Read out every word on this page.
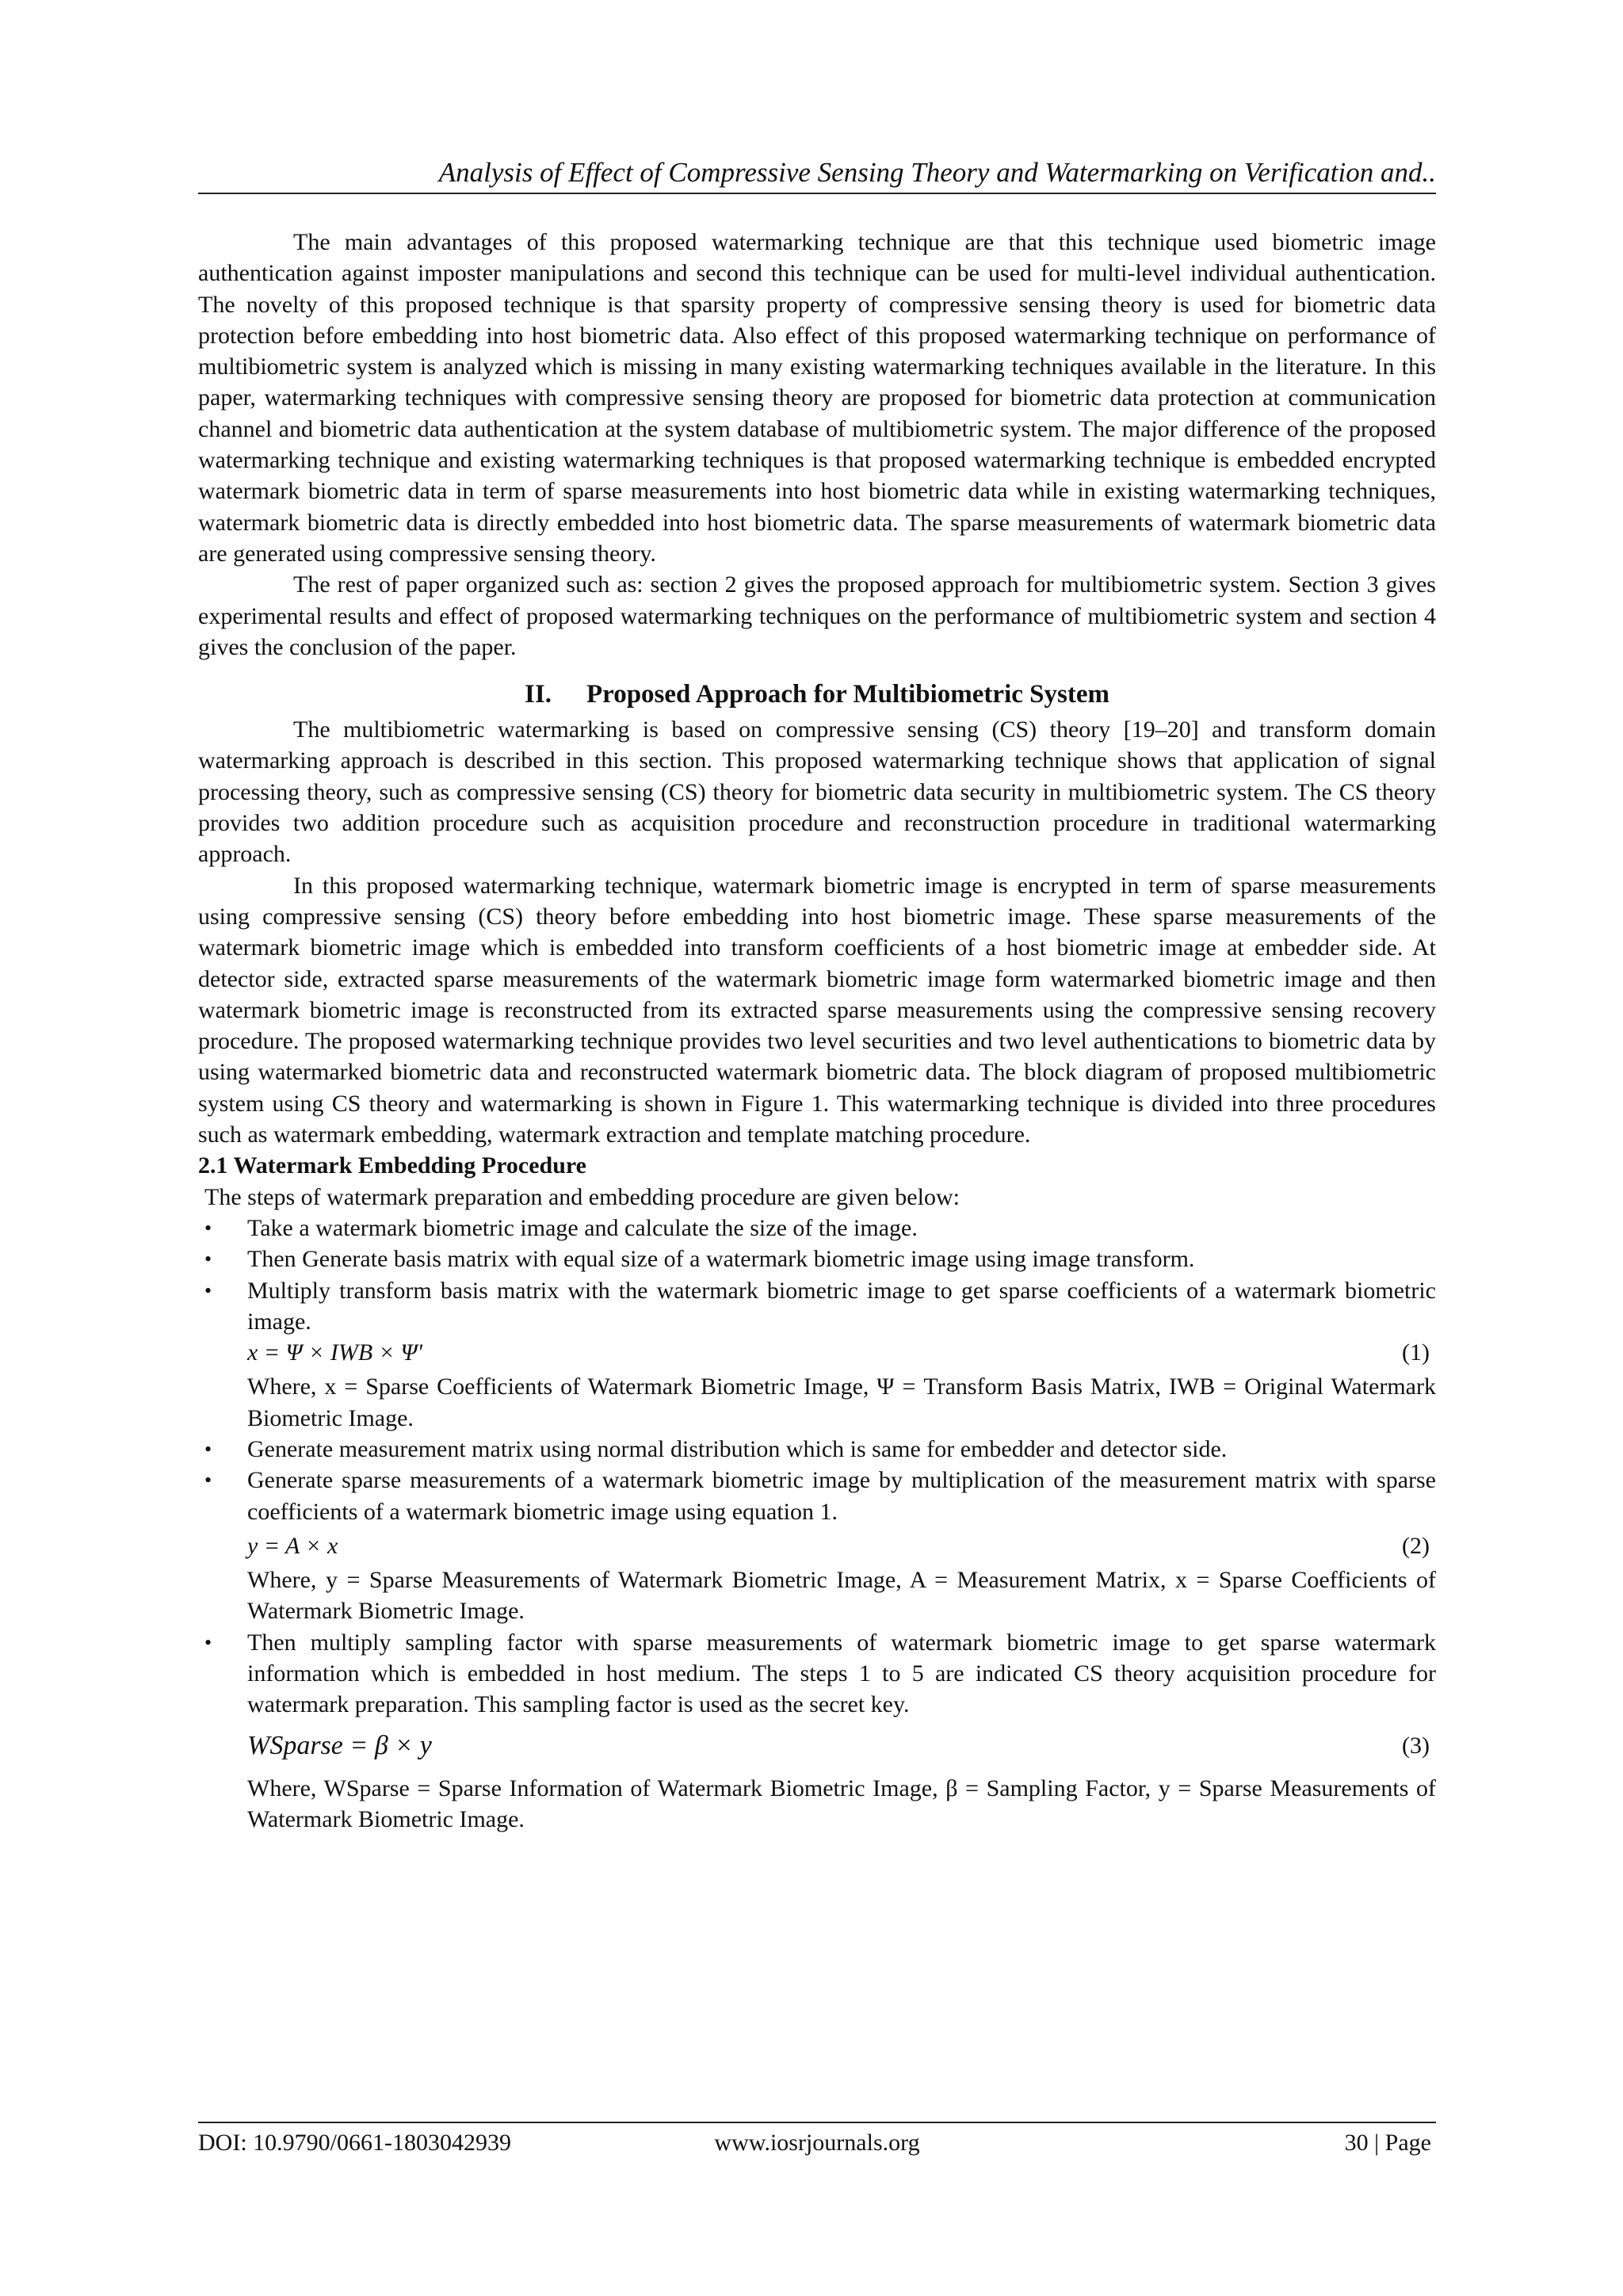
Analysis of Effect of Compressive Sensing Theory and Watermarking on Verification and..

The main advantages of this proposed watermarking technique are that this technique used biometric image authentication against imposter manipulations and second this technique can be used for multi-level individual authentication. The novelty of this proposed technique is that sparsity property of compressive sensing theory is used for biometric data protection before embedding into host biometric data. Also effect of this proposed watermarking technique on performance of multibiometric system is analyzed which is missing in many existing watermarking techniques available in the literature. In this paper, watermarking techniques with compressive sensing theory are proposed for biometric data protection at communication channel and biometric data authentication at the system database of multibiometric system. The major difference of the proposed watermarking technique and existing watermarking techniques is that proposed watermarking technique is embedded encrypted watermark biometric data in term of sparse measurements into host biometric data while in existing watermarking techniques, watermark biometric data is directly embedded into host biometric data. The sparse measurements of watermark biometric data are generated using compressive sensing theory.

The rest of paper organized such as: section 2 gives the proposed approach for multibiometric system. Section 3 gives experimental results and effect of proposed watermarking techniques on the performance of multibiometric system and section 4 gives the conclusion of the paper.

II. Proposed Approach for Multibiometric System

The multibiometric watermarking is based on compressive sensing (CS) theory [19–20] and transform domain watermarking approach is described in this section. This proposed watermarking technique shows that application of signal processing theory, such as compressive sensing (CS) theory for biometric data security in multibiometric system. The CS theory provides two addition procedure such as acquisition procedure and reconstruction procedure in traditional watermarking approach.

In this proposed watermarking technique, watermark biometric image is encrypted in term of sparse measurements using compressive sensing (CS) theory before embedding into host biometric image. These sparse measurements of the watermark biometric image which is embedded into transform coefficients of a host biometric image at embedder side. At detector side, extracted sparse measurements of the watermark biometric image form watermarked biometric image and then watermark biometric image is reconstructed from its extracted sparse measurements using the compressive sensing recovery procedure. The proposed watermarking technique provides two level securities and two level authentications to biometric data by using watermarked biometric data and reconstructed watermark biometric data. The block diagram of proposed multibiometric system using CS theory and watermarking is shown in Figure 1. This watermarking technique is divided into three procedures such as watermark embedding, watermark extraction and template matching procedure.

2.1 Watermark Embedding Procedure

The steps of watermark preparation and embedding procedure are given below:

• Take a watermark biometric image and calculate the size of the image.
• Then Generate basis matrix with equal size of a watermark biometric image using image transform.
• Multiply transform basis matrix with the watermark biometric image to get sparse coefficients of a watermark biometric image.
x = Ψ × IWB × Ψ'	(1)
Where, x = Sparse Coefficients of Watermark Biometric Image, Ψ = Transform Basis Matrix, IWB = Original Watermark Biometric Image.
• Generate measurement matrix using normal distribution which is same for embedder and detector side.
• Generate sparse measurements of a watermark biometric image by multiplication of the measurement matrix with sparse coefficients of a watermark biometric image using equation 1.
y = A × x	(2)
Where, y = Sparse Measurements of Watermark Biometric Image, A = Measurement Matrix, x = Sparse Coefficients of Watermark Biometric Image.
• Then multiply sampling factor with sparse measurements of watermark biometric image to get sparse watermark information which is embedded in host medium. The steps 1 to 5 are indicated CS theory acquisition procedure for watermark preparation. This sampling factor is used as the secret key.
WSparse = β × y	(3)
Where, WSparse = Sparse Information of Watermark Biometric Image, β = Sampling Factor, y = Sparse Measurements of Watermark Biometric Image.
DOI: 10.9790/0661-1803042939	www.iosrjournals.org	30 | Page
